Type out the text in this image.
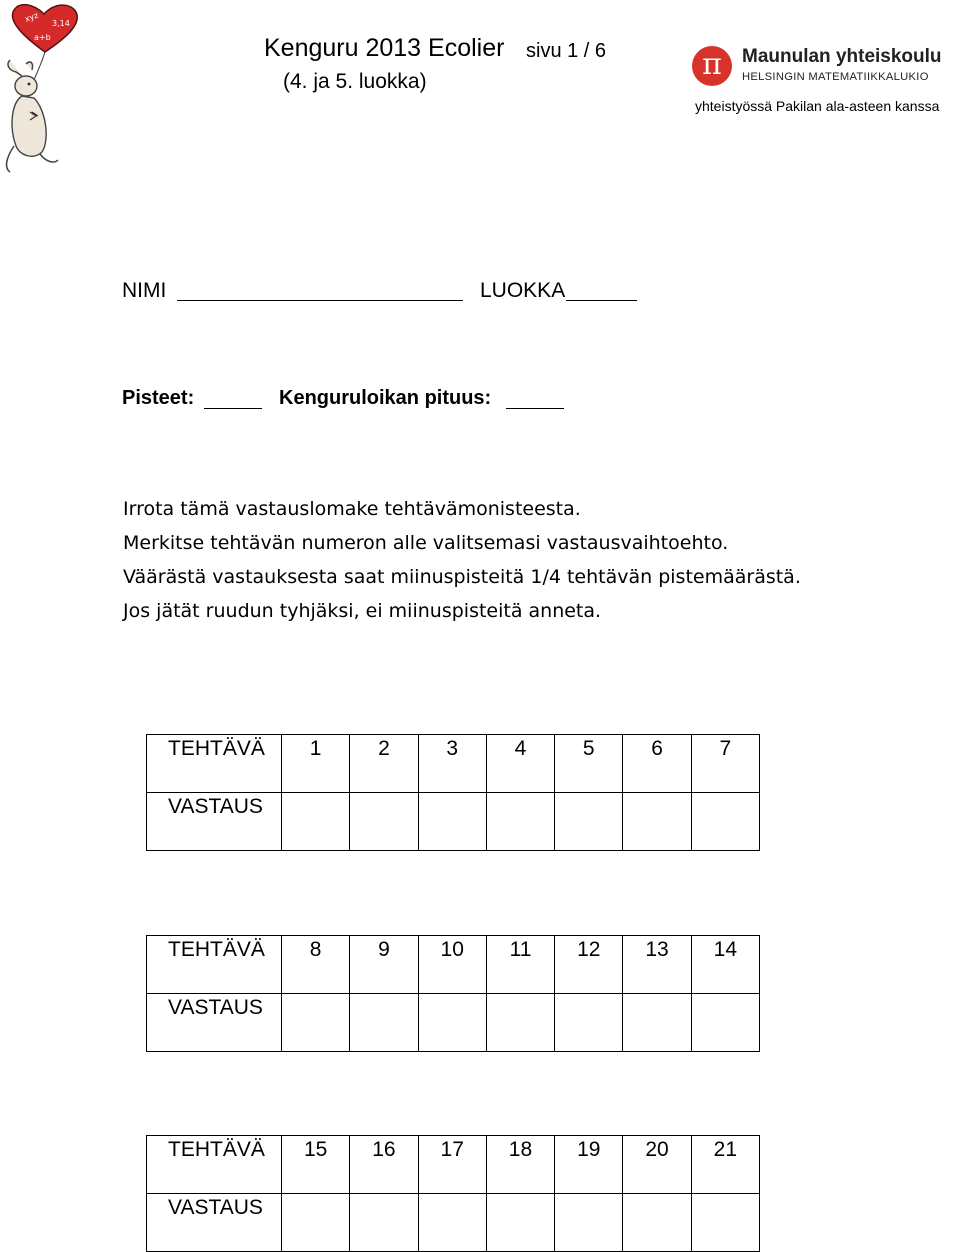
xyz 3,14
a+b	Kenguru 2013 Ecolier sivu 1 / 6
(4. ja 5. luokka)	π	Maunulan yhteiskoulu
HELSINGIN MATEMATIIKKALUKIO
yhteistyössä Pakilan ala-asteen kanssa
NIMI	LUOKKA
Pisteet:	Kenguruloikan pituus:
Irrota tämä vastauslomake tehtävämonisteesta.
Merkitse tehtävän numeron alle valitsemasi vastausvaihtoehto.
Väärästä vastauksesta saat miinuspisteitä 1/4 tehtävän pistemäärästä.
Jos jätät ruudun tyhjäksi, ei miinuspisteitä anneta.
TEHTÄVÄ	1	2	3	4	5	6	7
VASTAUS							
TEHTÄVÄ	8	9	10	11	12	13	14
VASTAUS							
TEHTÄVÄ	15	16	17	18	19	20	21
VASTAUS							
